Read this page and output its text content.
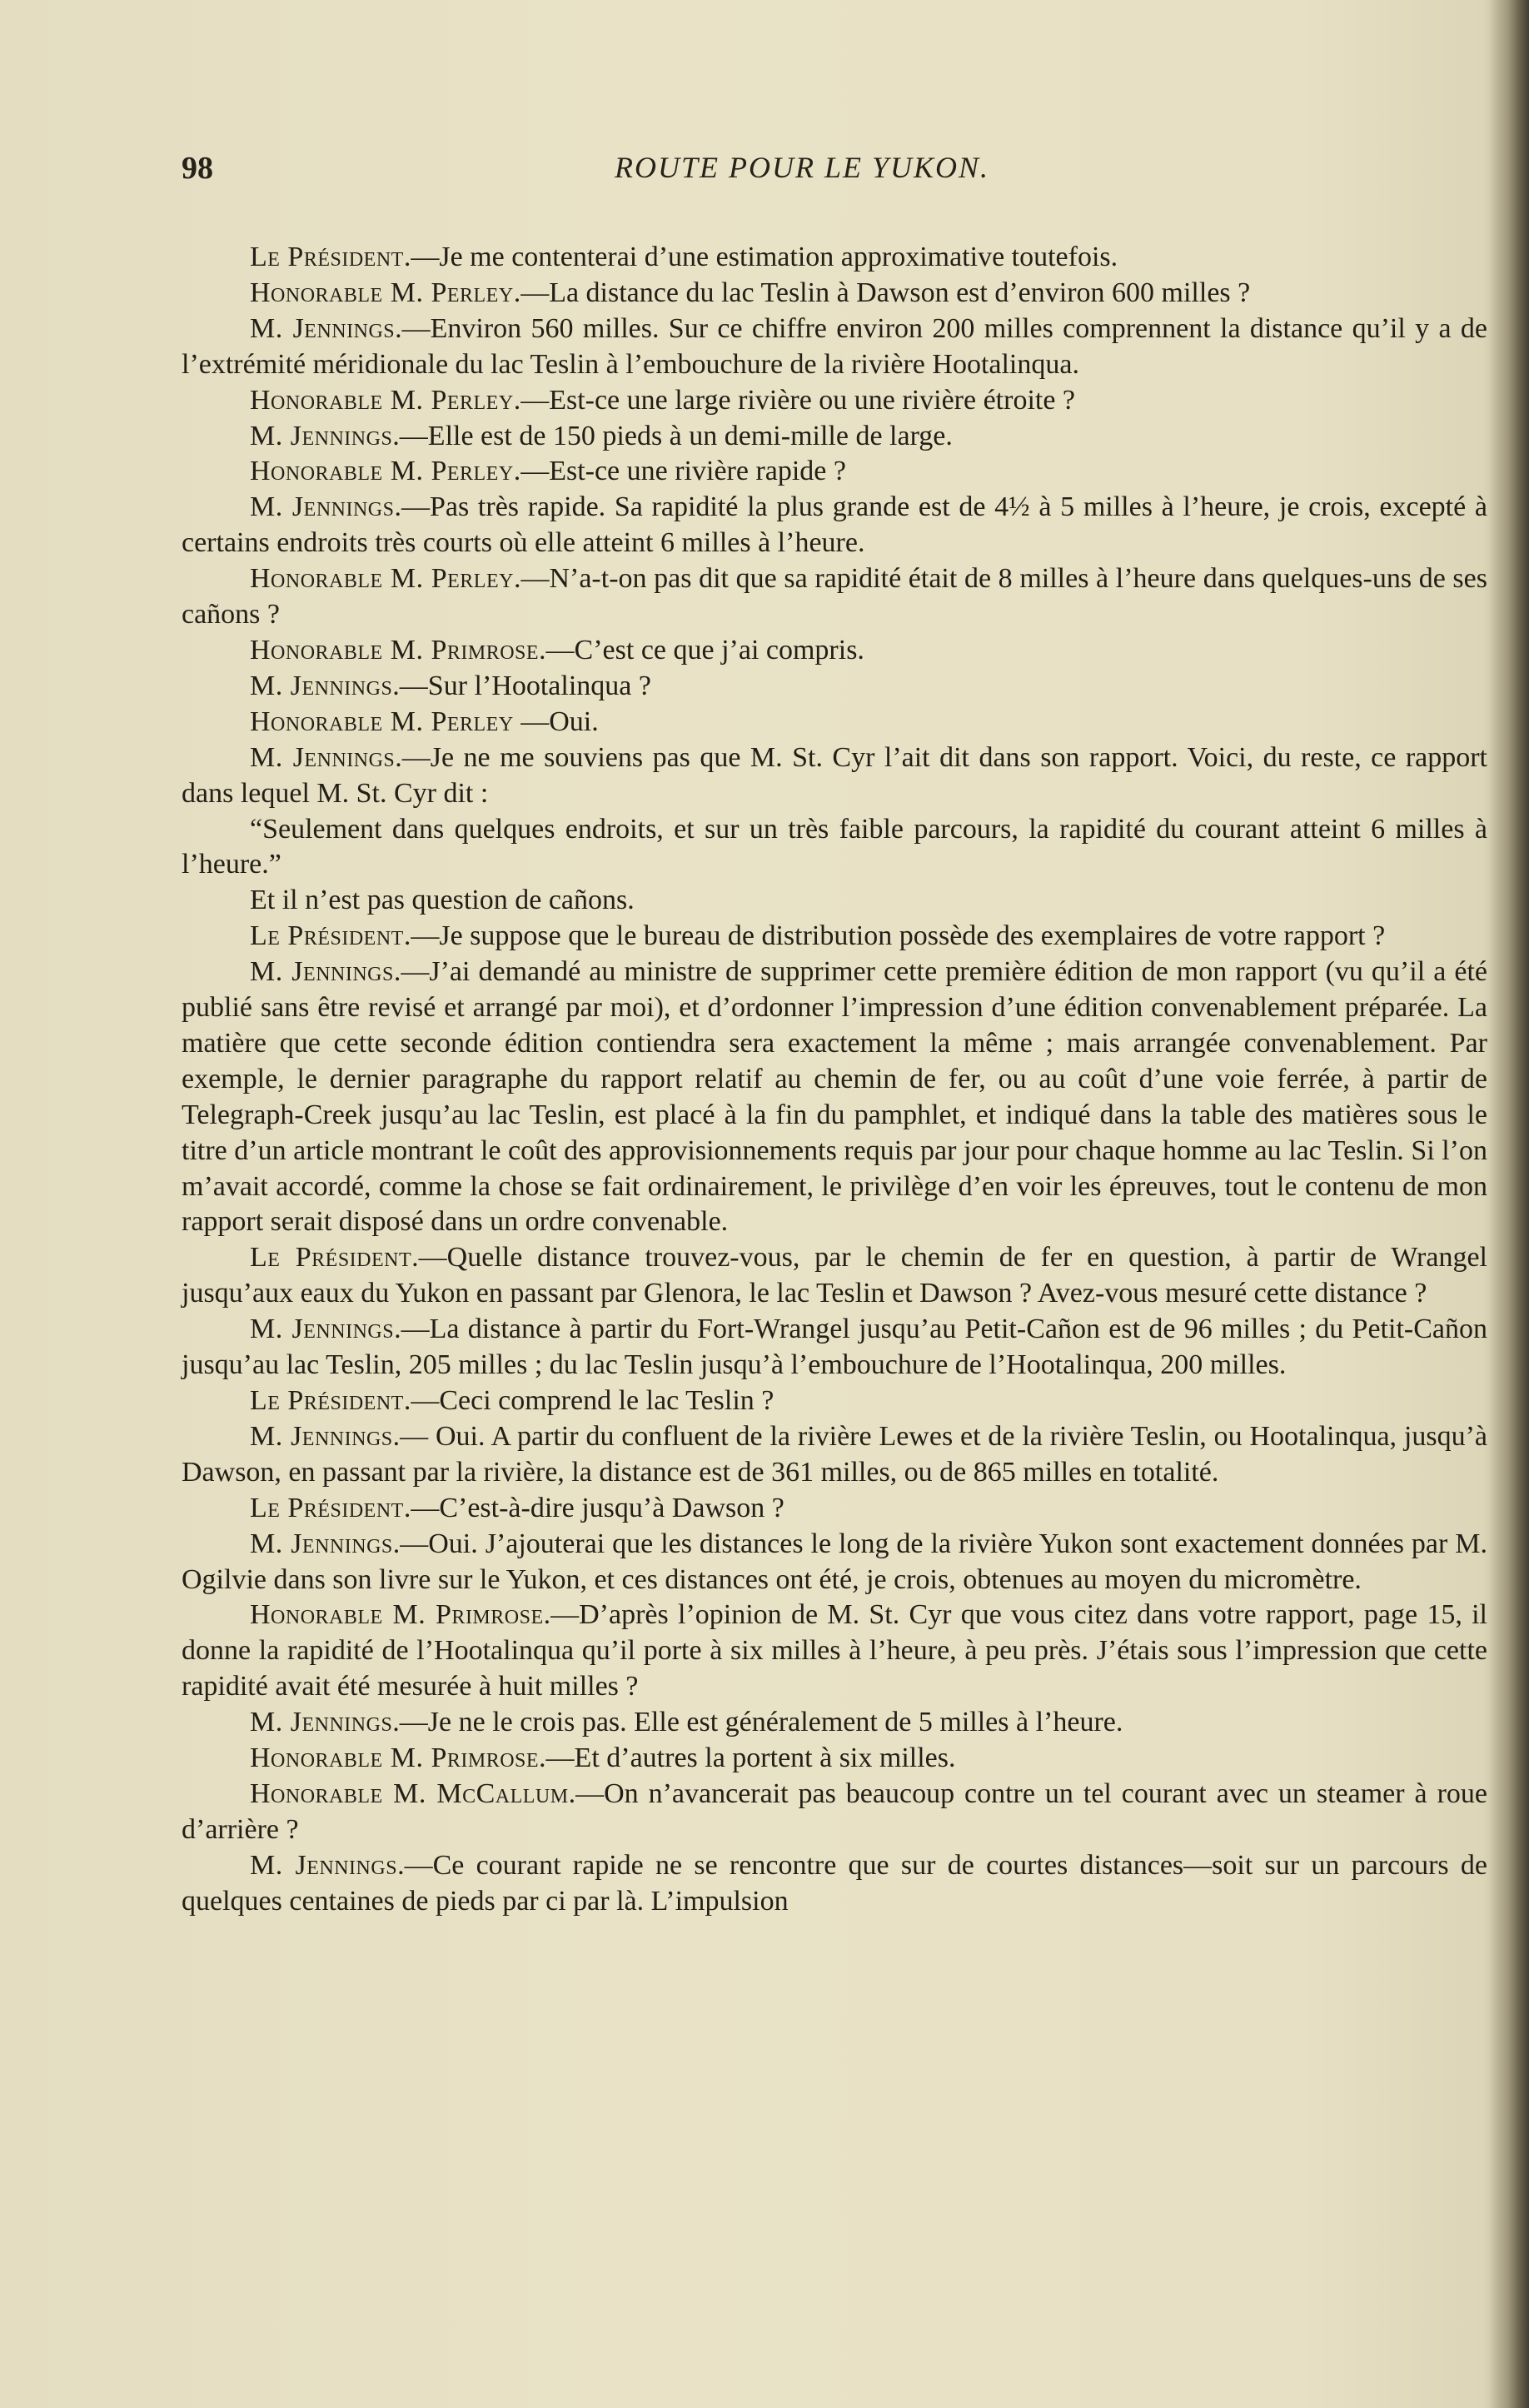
98	ROUTE POUR LE YUKON.

Le Président.—Je me contenterai d’une estimation approximative toutefois.

Honorable M. Perley.—La distance du lac Teslin à Dawson est d’environ 600 milles ?

M. Jennings.—Environ 560 milles. Sur ce chiffre environ 200 milles comprennent la distance qu’il y a de l’extrémité méridionale du lac Teslin à l’embouchure de la rivière Hootalinqua.

Honorable M. Perley.—Est-ce une large rivière ou une rivière étroite ?

M. Jennings.—Elle est de 150 pieds à un demi-mille de large.

Honorable M. Perley.—Est-ce une rivière rapide ?

M. Jennings.—Pas très rapide. Sa rapidité la plus grande est de 4½ à 5 milles à l’heure, je crois, excepté à certains endroits très courts où elle atteint 6 milles à l’heure.

Honorable M. Perley.—N’a-t-on pas dit que sa rapidité était de 8 milles à l’heure dans quelques-uns de ses cañons ?

Honorable M. Primrose.—C’est ce que j’ai compris.

M. Jennings.—Sur l’Hootalinqua ?

Honorable M. Perley —Oui.

M. Jennings.—Je ne me souviens pas que M. St. Cyr l’ait dit dans son rapport. Voici, du reste, ce rapport dans lequel M. St. Cyr dit :

“Seulement dans quelques endroits, et sur un très faible parcours, la rapidité du courant atteint 6 milles à l’heure.”

Et il n’est pas question de cañons.

Le Président.—Je suppose que le bureau de distribution possède des exemplaires de votre rapport ?

M. Jennings.—J’ai demandé au ministre de supprimer cette première édition de mon rapport (vu qu’il a été publié sans être revisé et arrangé par moi), et d’ordonner l’impression d’une édition convenablement préparée. La matière que cette seconde édition contiendra sera exactement la même ; mais arrangée convenablement. Par exemple, le dernier paragraphe du rapport relatif au chemin de fer, ou au coût d’une voie ferrée, à partir de Telegraph-Creek jusqu’au lac Teslin, est placé à la fin du pamphlet, et indiqué dans la table des matières sous le titre d’un article montrant le coût des approvisionnements requis par jour pour chaque homme au lac Teslin. Si l’on m’avait accordé, comme la chose se fait ordinairement, le privilège d’en voir les épreuves, tout le contenu de mon rapport serait disposé dans un ordre convenable.

Le Président.—Quelle distance trouvez-vous, par le chemin de fer en question, à partir de Wrangel jusqu’aux eaux du Yukon en passant par Glenora, le lac Teslin et Dawson ? Avez-vous mesuré cette distance ?

M. Jennings.—La distance à partir du Fort-Wrangel jusqu’au Petit-Cañon est de 96 milles ; du Petit-Cañon jusqu’au lac Teslin, 205 milles ; du lac Teslin jusqu’à l’embouchure de l’Hootalinqua, 200 milles.

Le Président.—Ceci comprend le lac Teslin ?

M. Jennings.— Oui. A partir du confluent de la rivière Lewes et de la rivière Teslin, ou Hootalinqua, jusqu’à Dawson, en passant par la rivière, la distance est de 361 milles, ou de 865 milles en totalité.

Le Président.—C’est-à-dire jusqu’à Dawson ?

M. Jennings.—Oui. J’ajouterai que les distances le long de la rivière Yukon sont exactement données par M. Ogilvie dans son livre sur le Yukon, et ces distances ont été, je crois, obtenues au moyen du micromètre.

Honorable M. Primrose.—D’après l’opinion de M. St. Cyr que vous citez dans votre rapport, page 15, il donne la rapidité de l’Hootalinqua qu’il porte à six milles à l’heure, à peu près. J’étais sous l’impression que cette rapidité avait été mesurée à huit milles ?

M. Jennings.—Je ne le crois pas. Elle est généralement de 5 milles à l’heure.

Honorable M. Primrose.—Et d’autres la portent à six milles.

Honorable M. McCallum.—On n’avancerait pas beaucoup contre un tel courant avec un steamer à roue d’arrière ?

M. Jennings.—Ce courant rapide ne se rencontre que sur de courtes distances—soit sur un parcours de quelques centaines de pieds par ci par là. L’impulsion
